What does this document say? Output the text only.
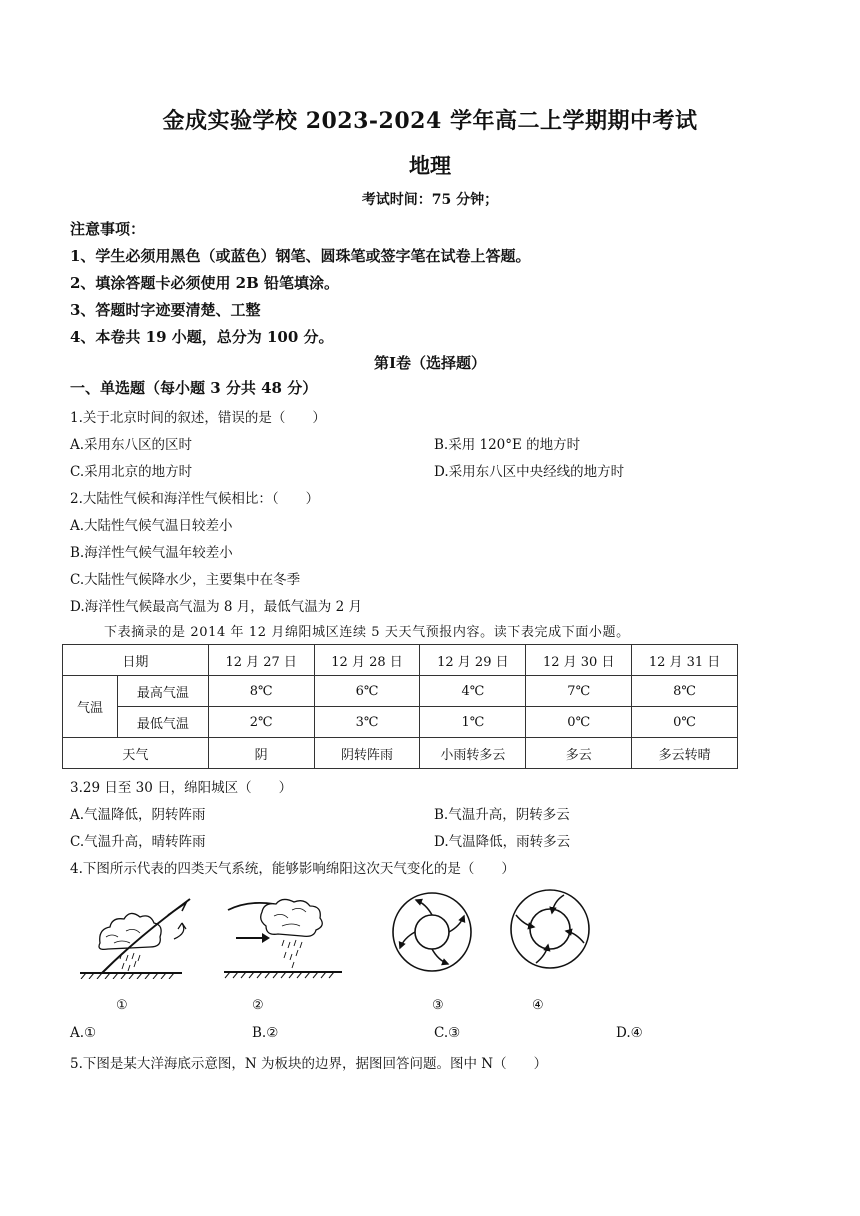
金成实验学校 2023-2024 学年高二上学期期中考试
地理
考试时间：75 分钟；
注意事项：
1、学生必须用黑色（或蓝色）钢笔、圆珠笔或签字笔在试卷上答题。
2、填涂答题卡必须使用 2B 铅笔填涂。
3、答题时字迹要清楚、工整
4、本卷共 19 小题，总分为 100 分。
第Ⅰ卷（选择题）
一、单选题（每小题 3 分共 48 分）
1.关于北京时间的叙述，错误的是（　　）
A.采用东八区的区时	B.采用 120°E 的地方时
C.采用北京的地方时	D.采用东八区中央经线的地方时
2.大陆性气候和海洋性气候相比：（　　）
A.大陆性气候气温日较差小
B.海洋性气候气温年较差小
C.大陆性气候降水少，主要集中在冬季
D.海洋性气候最高气温为 8 月，最低气温为 2 月
下表摘录的是 2014 年 12 月绵阳城区连续 5 天天气预报内容。读下表完成下面小题。
日期		12 月 27 日	12 月 28 日	12 月 29 日	12 月 30 日	12 月 31 日
气温	最高气温	8℃	6℃	4℃	7℃	8℃
	最低气温	2℃	3℃	1℃	0℃	0℃
天气		阴	阴转阵雨	小雨转多云	多云	多云转晴
3.29 日至 30 日，绵阳城区（　　）
A.气温降低，阴转阵雨	B.气温升高，阴转多云
C.气温升高，晴转阵雨	D.气温降低，雨转多云
4.下图所示代表的四类天气系统，能够影响绵阳这次天气变化的是（　　）
①	②	③	④
A.①	B.②	C.③	D.④
5.下图是某大洋海底示意图，N 为板块的边界，据图回答问题。图中 N（　　）
